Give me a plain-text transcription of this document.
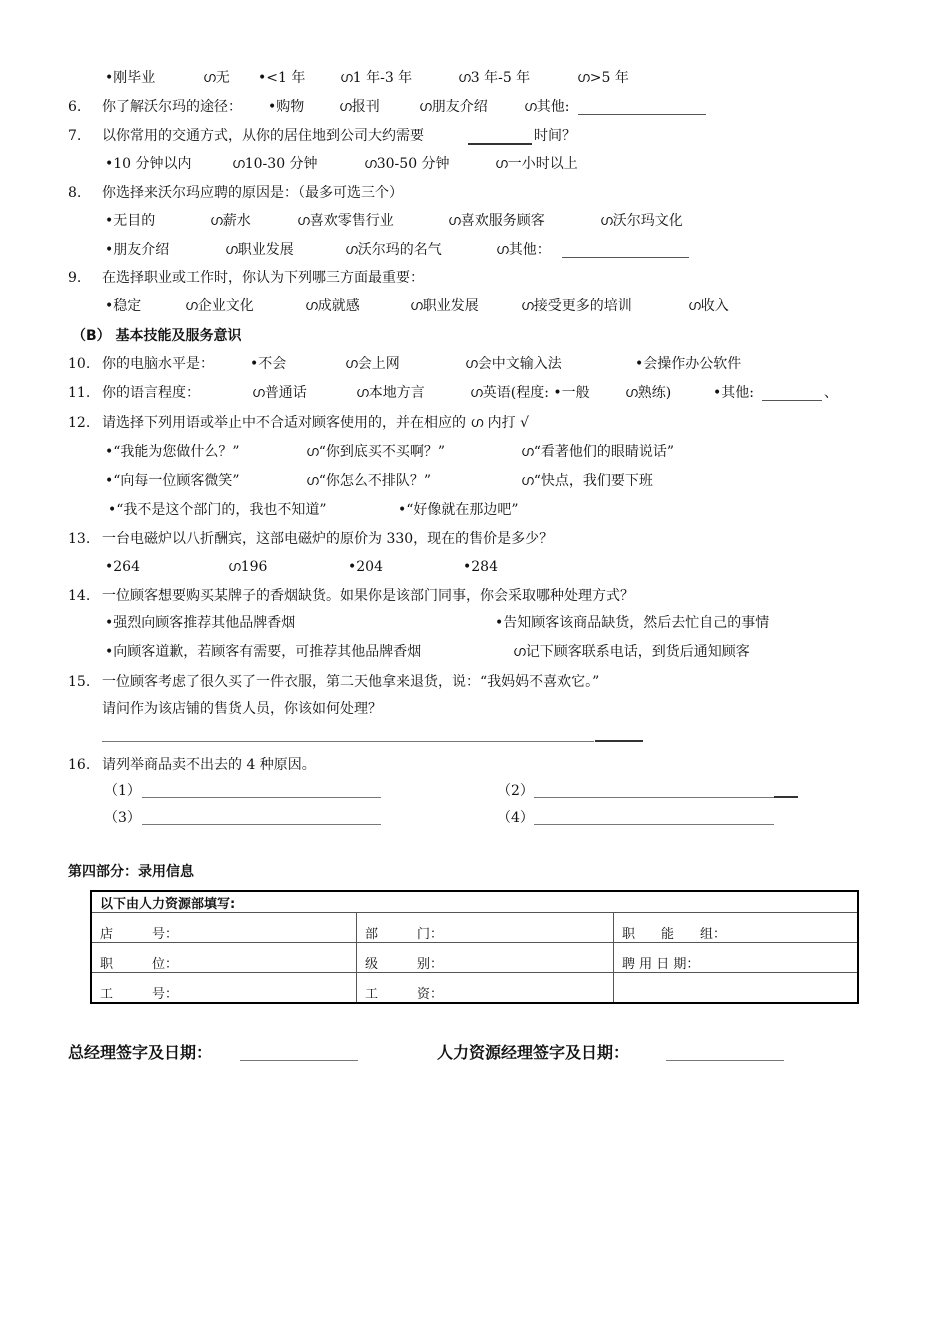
•刚毕业	ഗ无 •<1 年 ഗ1 年-3 年	ഗ3 年-5 年	ഗ>5 年
6. 你了解沃尔玛的途径： •购物 ഗ报刊	ഗ朋友介绍	ഗ其他:
7. 以你常用的交通方式，从你的居住地到公司大约需要	时间？
•10 分钟以内	ഗ10-30 分钟	ഗ30-50 分钟	ഗ一小时以上
8. 你选择来沃尔玛应聘的原因是：（最多可选三个）
•无目的	ഗ薪水	ഗ喜欢零售行业	ഗ喜欢服务顾客	ഗ沃尔玛文化
•朋友介绍	ഗ职业发展	ഗ沃尔玛的名气	ഗ其他：
9. 在选择职业或工作时，你认为下列哪三方面最重要：
•稳定	ഗ企业文化	ഗ成就感	ഗ职业发展	ഗ接受更多的培训	ഗ收入
（B） 基本技能及服务意识
10. 你的电脑水平是：	•不会	ഗ会上网	ഗ会中文输入法	•会操作办公软件
11. 你的语言程度：	ഗ普通话	ഗ本地方言	ഗ英语(程度: •一般	ഗ熟练)	•其他:	、
12. 请选择下列用语或举止中不合适对顾客使用的，并在相应的 ഗ 内打 √
•“我能为您做什么？”	ഗ“你到底买不买啊？”	ഗ“看著他们的眼睛说话”
•“向每一位顾客微笑”	ഗ“你怎么不排队？”	ഗ“快点，我们要下班
•“我不是这个部门的，我也不知道”	•“好像就在那边吧”
13. 一台电磁炉以八折酬宾，这部电磁炉的原价为 330，现在的售价是多少？
•264	ഗ196	•204	•284
14. 一位顾客想要购买某牌子的香烟缺货。如果你是该部门同事，你会采取哪种处理方式？
•强烈向顾客推荐其他品牌香烟	•告知顾客该商品缺货，然后去忙自己的事情
•向顾客道歉，若顾客有需要，可推荐其他品牌香烟	ഗ记下顾客联系电话，到货后通知顾客
15. 一位顾客考虑了很久买了一件衣服，第二天他拿来退货，说：“我妈妈不喜欢它。”
请问作为该店铺的售货人员，你该如何处理？
16. 请列举商品卖不出去的 4 种原因。
（1）	（2）
（3）	（4）
第四部分：录用信息
以下由人力资源部填写:		
店　　　号：	部　　　门：	职　　能　　组：
职　　　位：	级　　　别：	聘 用 日 期：
工　　　号：	工　　　资：	
总经理签字及日期：	人力资源经理签字及日期：
